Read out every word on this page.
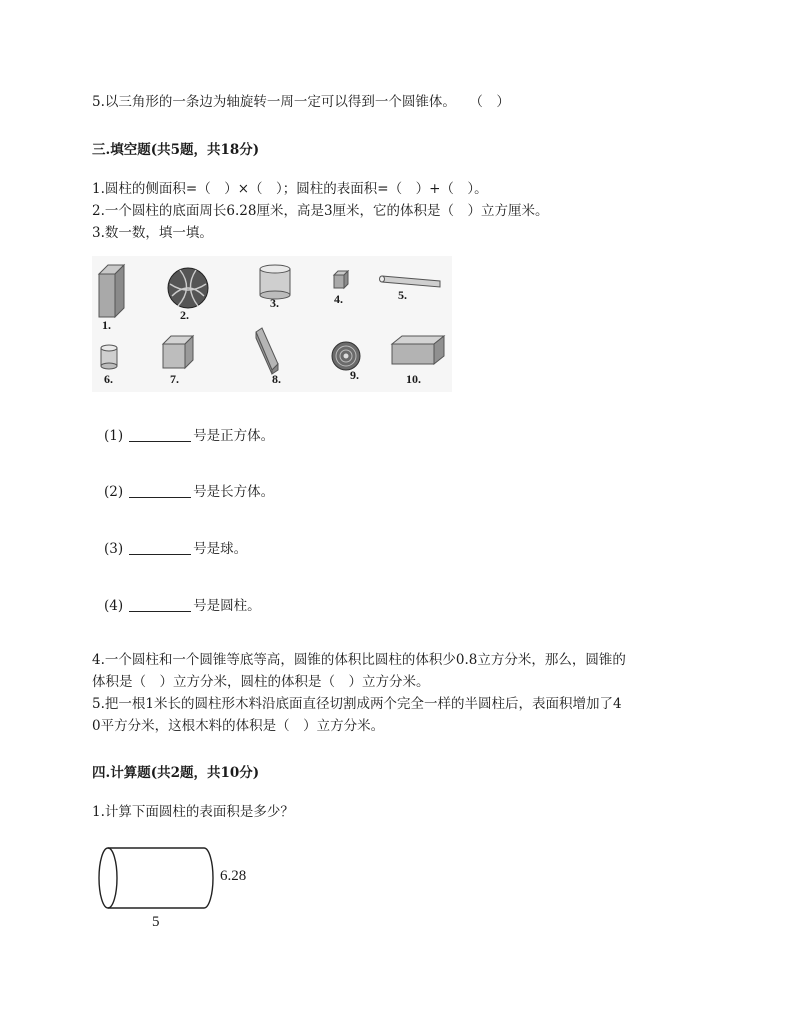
5.以三角形的一条边为轴旋转一周一定可以得到一个圆锥体。　　（　）
三.填空题(共5题，共18分)
1.圆柱的侧面积=（　）×（　）；圆柱的表面积=（　）+（　）。
2.一个圆柱的底面周长6.28厘米，高是3厘米，它的体积是（　）立方厘米。
3.数一数，填一填。
1.
2.
3.	4.	5.
6.	7.	8.	9.	10.
(1)	号是正方体。
(2)	号是长方体。
(3)	号是球。
(4)	号是圆柱。
4.一个圆柱和一个圆锥等底等高，圆锥的体积比圆柱的体积少0.8立方分米，那么，圆锥的
体积是（　）立方分米，圆柱的体积是（　）立方分米。
5.把一根1米长的圆柱形木料沿底面直径切割成两个完全一样的半圆柱后，表面积增加了4
0平方分米，这根木料的体积是（　）立方分米。
四.计算题(共2题，共10分)
1.计算下面圆柱的表面积是多少？
6.28
5
